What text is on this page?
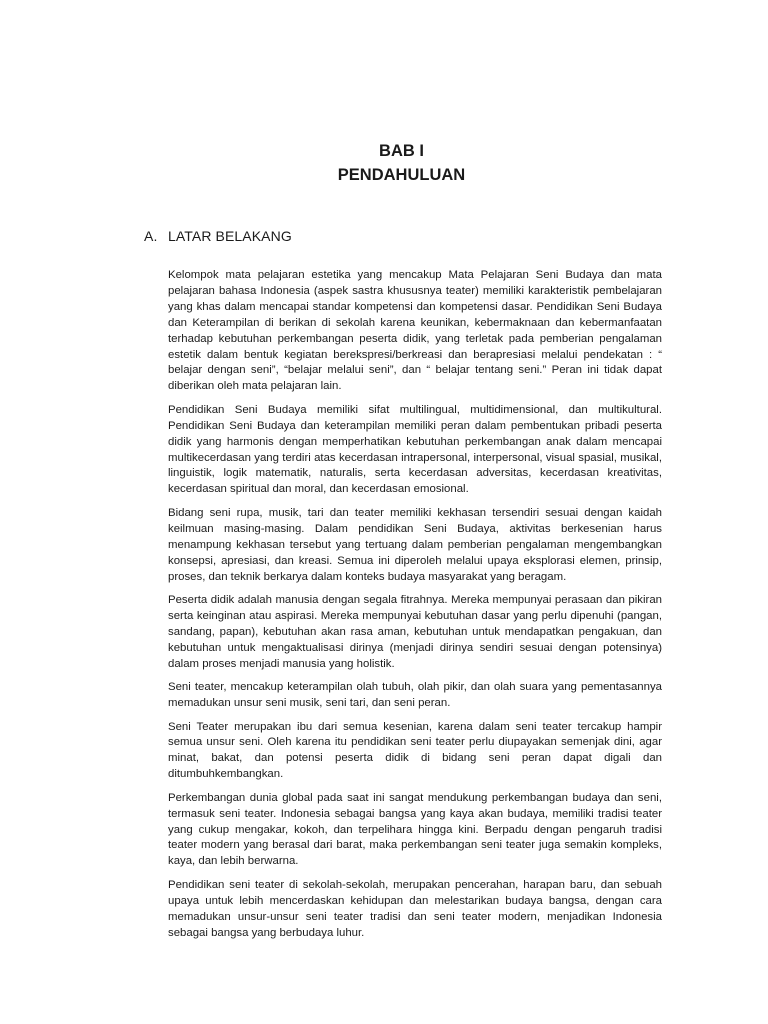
BAB I
PENDAHULUAN
A. LATAR BELAKANG

Kelompok mata pelajaran estetika yang mencakup Mata Pelajaran Seni Budaya dan mata pelajaran bahasa Indonesia (aspek sastra khususnya teater) memiliki karakteristik pembelajaran yang khas dalam mencapai standar kompetensi dan kompetensi dasar. Pendidikan Seni Budaya dan Keterampilan di berikan di sekolah karena keunikan, kebermaknaan dan kebermanfaatan terhadap kebutuhan perkembangan peserta didik, yang terletak pada pemberian pengalaman estetik dalam bentuk kegiatan berekspresi/berkreasi dan berapresiasi melalui pendekatan : “ belajar dengan seni”, “belajar melalui seni”, dan “ belajar tentang seni.” Peran ini tidak dapat diberikan oleh mata pelajaran lain.

Pendidikan Seni Budaya memiliki sifat multilingual, multidimensional, dan multikultural. Pendidikan Seni Budaya dan keterampilan memiliki peran dalam pembentukan pribadi peserta didik yang harmonis dengan memperhatikan kebutuhan perkembangan anak dalam mencapai multikecerdasan yang terdiri atas kecerdasan intrapersonal, interpersonal, visual spasial, musikal, linguistik, logik matematik, naturalis, serta kecerdasan adversitas, kecerdasan kreativitas, kecerdasan spiritual dan moral, dan kecerdasan emosional.

Bidang seni rupa, musik, tari dan teater memiliki kekhasan tersendiri sesuai dengan kaidah keilmuan masing-masing. Dalam pendidikan Seni Budaya, aktivitas berkesenian harus menampung kekhasan tersebut yang tertuang dalam pemberian pengalaman mengembangkan konsepsi, apresiasi, dan kreasi. Semua ini diperoleh melalui upaya eksplorasi elemen, prinsip, proses, dan teknik berkarya dalam konteks budaya masyarakat yang beragam.

Peserta didik adalah manusia dengan segala fitrahnya. Mereka mempunyai perasaan dan pikiran serta keinginan atau aspirasi. Mereka mempunyai kebutuhan dasar yang perlu dipenuhi (pangan, sandang, papan), kebutuhan akan rasa aman, kebutuhan untuk mendapatkan pengakuan, dan kebutuhan untuk mengaktualisasi dirinya (menjadi dirinya sendiri sesuai dengan potensinya) dalam proses menjadi manusia yang holistik.

Seni teater, mencakup keterampilan olah tubuh, olah pikir, dan olah suara yang pementasannya memadukan unsur seni musik, seni tari, dan seni peran.

Seni Teater merupakan ibu dari semua kesenian, karena dalam seni teater tercakup hampir semua unsur seni. Oleh karena itu pendidikan seni teater perlu diupayakan semenjak dini, agar minat, bakat, dan potensi peserta didik di bidang seni peran dapat digali dan ditumbuhkembangkan.

Perkembangan dunia global pada saat ini sangat mendukung perkembangan budaya dan seni, termasuk seni teater. Indonesia sebagai bangsa yang kaya akan budaya, memiliki tradisi teater yang cukup mengakar, kokoh, dan terpelihara hingga kini. Berpadu dengan pengaruh tradisi teater modern yang berasal dari barat, maka perkembangan seni teater juga semakin kompleks, kaya, dan lebih berwarna.

Pendidikan seni teater di sekolah-sekolah, merupakan pencerahan, harapan baru, dan sebuah upaya untuk lebih mencerdaskan kehidupan dan melestarikan budaya bangsa, dengan cara memadukan unsur-unsur seni teater tradisi dan seni teater modern, menjadikan Indonesia sebagai bangsa yang berbudaya luhur.
